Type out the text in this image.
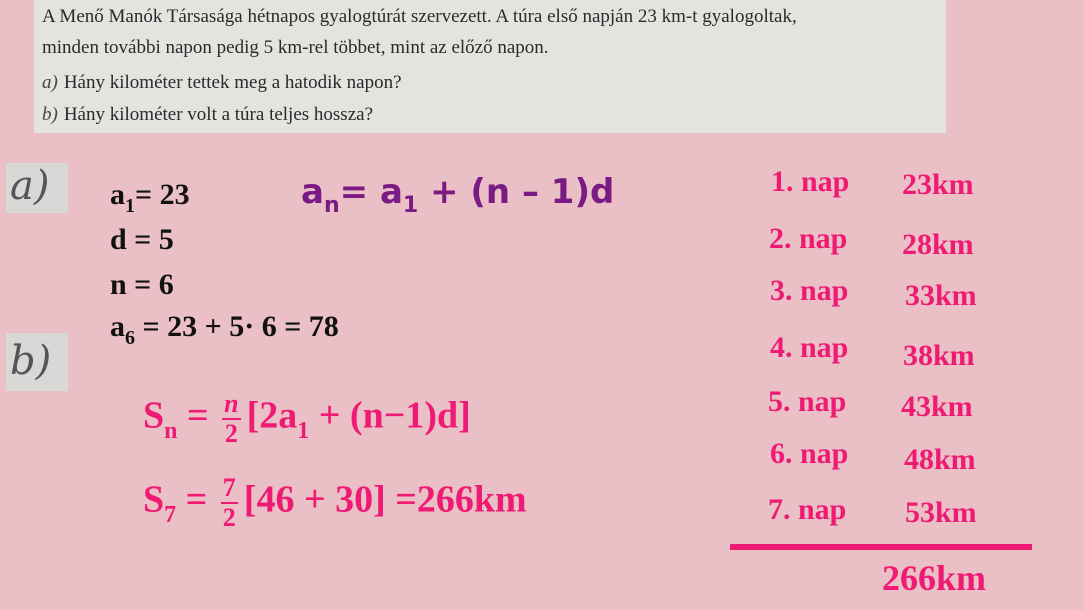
A Menő Manók Társasága hétnapos gyalogtúrát szervezett. A túra első napján 23 km-t gyalogoltak,
minden további napon pedig 5 km-rel többet, mint az előző napon.
a) Hány kilométer tettek meg a hatodik napon?
b) Hány kilométer volt a túra teljes hossza?
a)
b)
$a_1= 23$
d = 5
n = 6
$a_6 = 23 + 5\cdot 6 = 78$
$a_n= a_1 + (n - 1)d$
$S_n = \frac{n}{2} [2a_1 + (n-1)d]$
$S_7 = \frac{7}{2} [46 + 30] =266km$
1. nap 23km
2. nap 28km
3. nap 33km
4. nap 38km
5. nap 43km
6. nap 48km
7. nap 53km
266km
